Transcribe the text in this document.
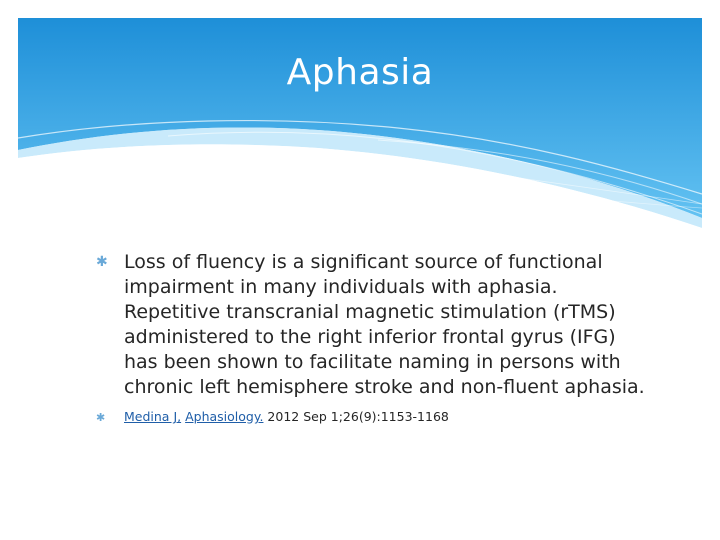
Aphasia
✱ Loss of fluency is a significant source of functional impairment in many individuals with aphasia. Repetitive transcranial magnetic stimulation (rTMS) administered to the right inferior frontal gyrus (IFG) has been shown to facilitate naming in persons with chronic left hemisphere stroke and non-fluent aphasia.
✱ Medina J, Aphasiology. 2012 Sep 1;26(9):1153-1168
